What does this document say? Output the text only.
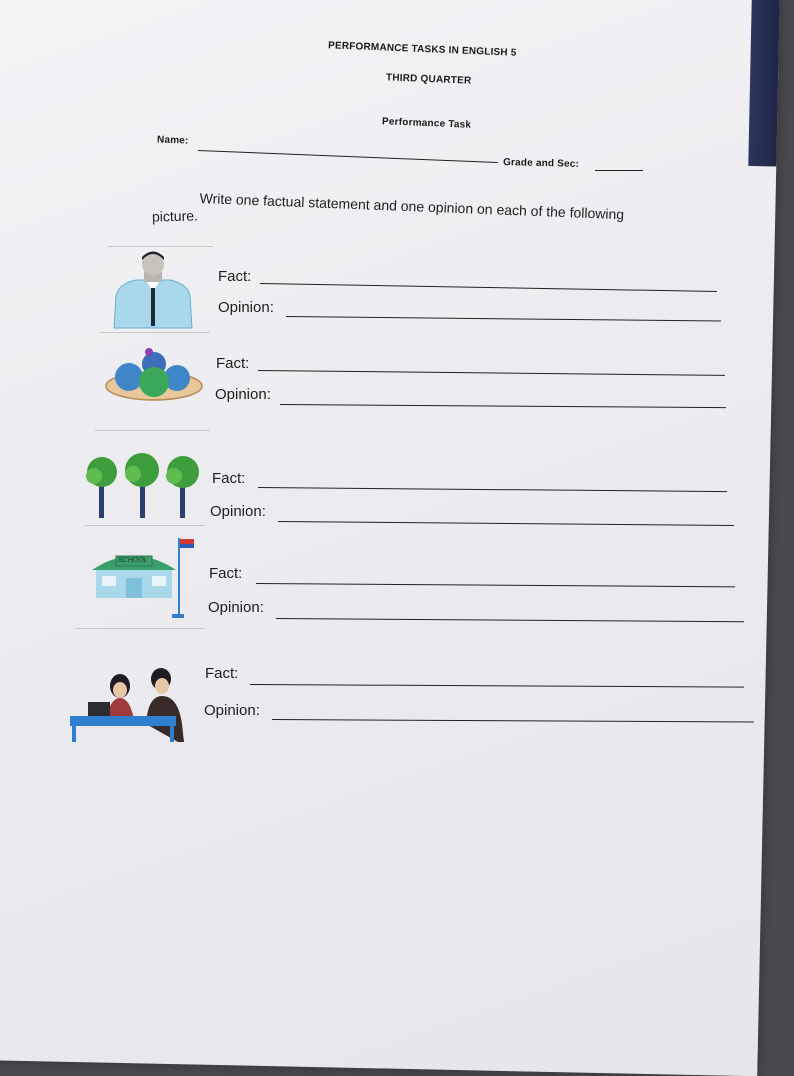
PERFORMANCE TASKS IN ENGLISH 5
THIRD QUARTER
Performance Task
Name:
Grade and Sec:
Write one factual statement and one opinion on each of the following
picture.
Fact:
Opinion:
Fact:
Opinion:
Fact:
Opinion:
SCHOOL
Fact:
Opinion:
Fact:
Opinion:
